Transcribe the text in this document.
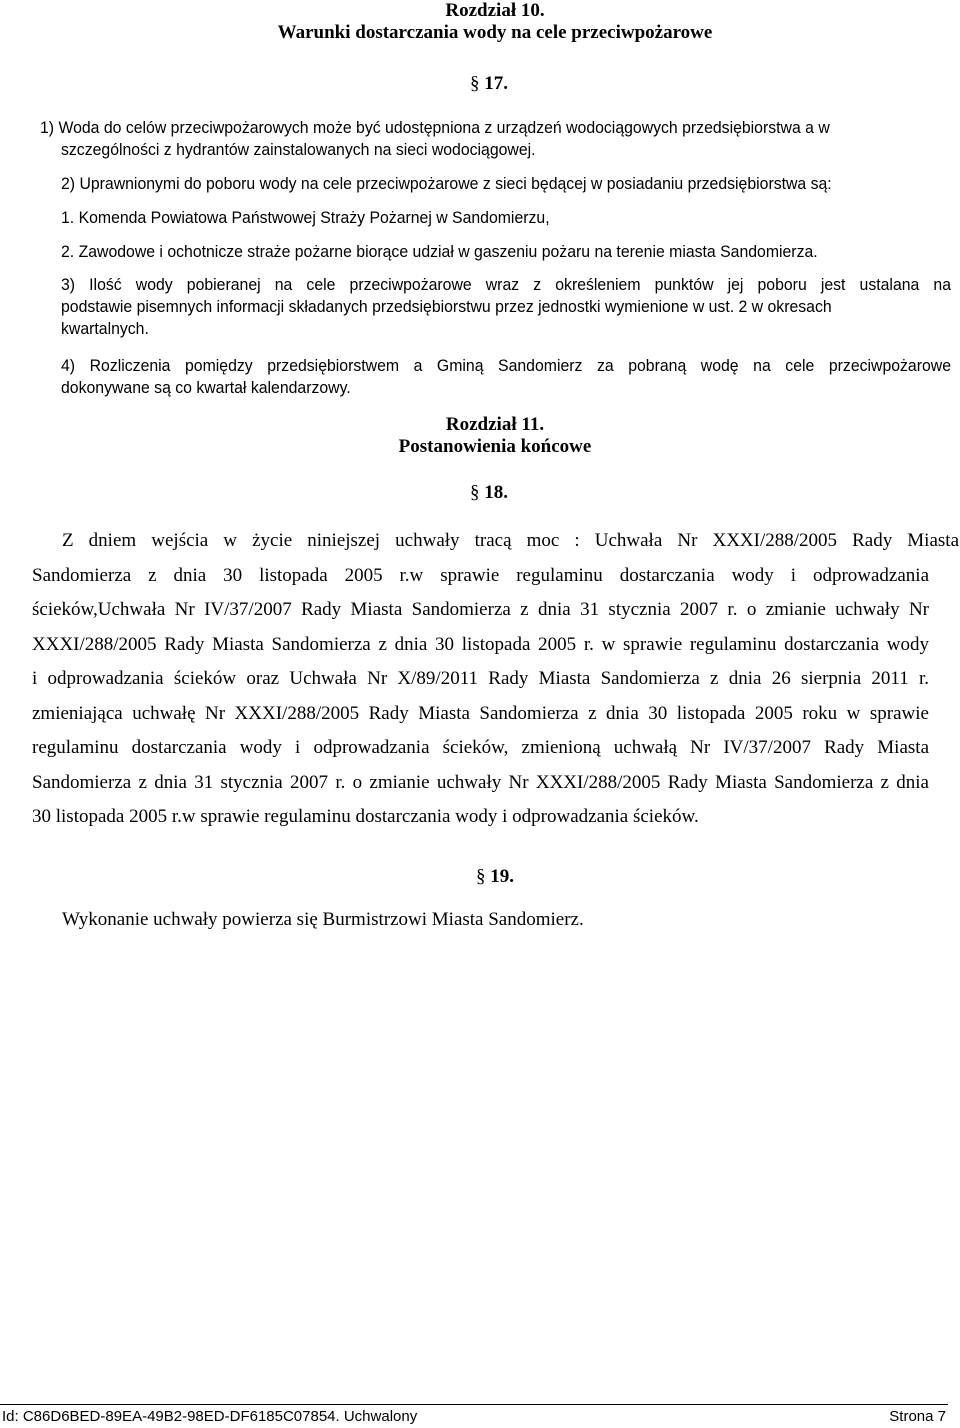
Rozdział 10.
Warunki dostarczania wody na cele przeciwpożarowe
§ 17.
1) Woda do celów przeciwpożarowych może być udostępniona z urządzeń wodociągowych przedsiębiorstwa a w
szczególności z hydrantów zainstalowanych na sieci wodociągowej.
2) Uprawnionymi do poboru wody na cele przeciwpożarowe z sieci będącej w posiadaniu przedsiębiorstwa są:
1. Komenda Powiatowa Państwowej Straży Pożarnej w Sandomierzu,
2. Zawodowe i ochotnicze straże pożarne biorące udział w gaszeniu pożaru na terenie miasta Sandomierza.
3) Ilość wody pobieranej na cele przeciwpożarowe wraz z określeniem punktów jej poboru jest ustalana na
podstawie pisemnych informacji składanych przedsiębiorstwu przez jednostki wymienione w ust. 2 w okresach
kwartalnych.
4) Rozliczenia pomiędzy przedsiębiorstwem a Gminą Sandomierz za pobraną wodę na cele przeciwpożarowe
dokonywane są co kwartał kalendarzowy.
Rozdział 11.
Postanowienia końcowe
§ 18.
Z dniem wejścia w życie niniejszej uchwały tracą moc : Uchwała Nr XXXI/288/2005 Rady Miasta
Sandomierza z dnia 30 listopada 2005 r.w sprawie regulaminu dostarczania wody i odprowadzania
ścieków,Uchwała Nr IV/37/2007 Rady Miasta Sandomierza z dnia 31 stycznia 2007 r. o zmianie uchwały Nr
XXXI/288/2005 Rady Miasta Sandomierza z dnia 30 listopada 2005 r. w sprawie regulaminu dostarczania wody
i odprowadzania ścieków oraz Uchwała Nr X/89/2011 Rady Miasta Sandomierza z dnia 26 sierpnia 2011 r.
zmieniająca uchwałę Nr XXXI/288/2005 Rady Miasta Sandomierza z dnia 30 listopada 2005 roku w sprawie
regulaminu dostarczania wody i odprowadzania ścieków, zmienioną uchwałą Nr IV/37/2007 Rady Miasta
Sandomierza z dnia 31 stycznia 2007 r. o zmianie uchwały Nr XXXI/288/2005 Rady Miasta Sandomierza z dnia
30 listopada 2005 r.w sprawie regulaminu dostarczania wody i odprowadzania ścieków.
§ 19.
Wykonanie uchwały powierza się Burmistrzowi Miasta Sandomierz.
Id: C86D6BED-89EA-49B2-98ED-DF6185C07854. Uchwalony	Strona 7
